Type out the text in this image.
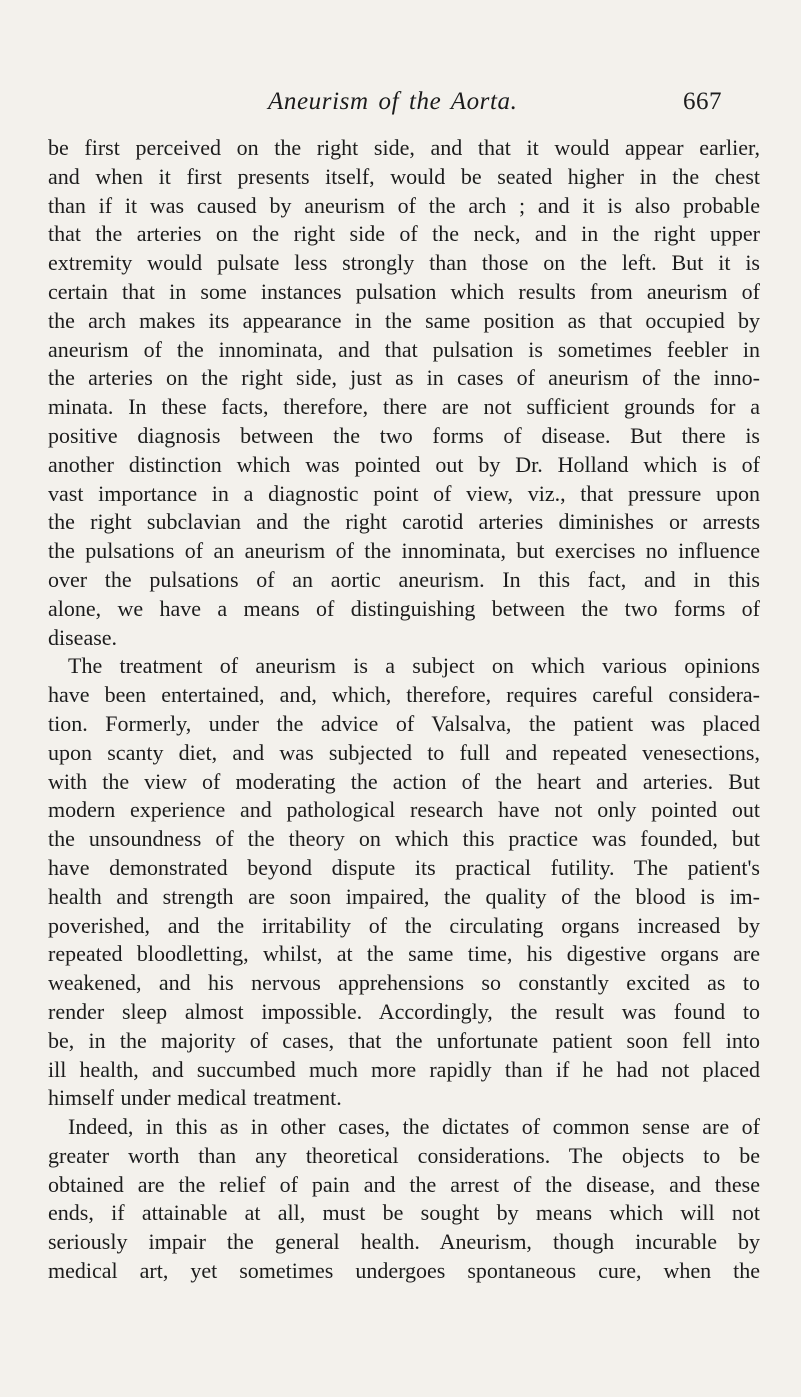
Aneurism of the Aorta.	667
be first perceived on the right side, and that it would appear earlier,
and when it first presents itself, would be seated higher in the chest
than if it was caused by aneurism of the arch ; and it is also probable
that the arteries on the right side of the neck, and in the right upper
extremity would pulsate less strongly than those on the left. But it is
certain that in some instances pulsation which results from aneurism of
the arch makes its appearance in the same position as that occupied by
aneurism of the innominata, and that pulsation is sometimes feebler in
the arteries on the right side, just as in cases of aneurism of the inno-
minata. In these facts, therefore, there are not sufficient grounds for a
positive diagnosis between the two forms of disease. But there is
another distinction which was pointed out by Dr. Holland which is of
vast importance in a diagnostic point of view, viz., that pressure upon
the right subclavian and the right carotid arteries diminishes or arrests
the pulsations of an aneurism of the innominata, but exercises no influence
over the pulsations of an aortic aneurism. In this fact, and in this
alone, we have a means of distinguishing between the two forms of
disease.
The treatment of aneurism is a subject on which various opinions
have been entertained, and, which, therefore, requires careful considera-
tion. Formerly, under the advice of Valsalva, the patient was placed
upon scanty diet, and was subjected to full and repeated venesections,
with the view of moderating the action of the heart and arteries. But
modern experience and pathological research have not only pointed out
the unsoundness of the theory on which this practice was founded, but
have demonstrated beyond dispute its practical futility. The patient's
health and strength are soon impaired, the quality of the blood is im-
poverished, and the irritability of the circulating organs increased by
repeated bloodletting, whilst, at the same time, his digestive organs are
weakened, and his nervous apprehensions so constantly excited as to
render sleep almost impossible. Accordingly, the result was found to
be, in the majority of cases, that the unfortunate patient soon fell into
ill health, and succumbed much more rapidly than if he had not placed
himself under medical treatment.
Indeed, in this as in other cases, the dictates of common sense are of
greater worth than any theoretical considerations. The objects to be
obtained are the relief of pain and the arrest of the disease, and these
ends, if attainable at all, must be sought by means which will not
seriously impair the general health. Aneurism, though incurable by
medical art, yet sometimes undergoes spontaneous cure, when the
